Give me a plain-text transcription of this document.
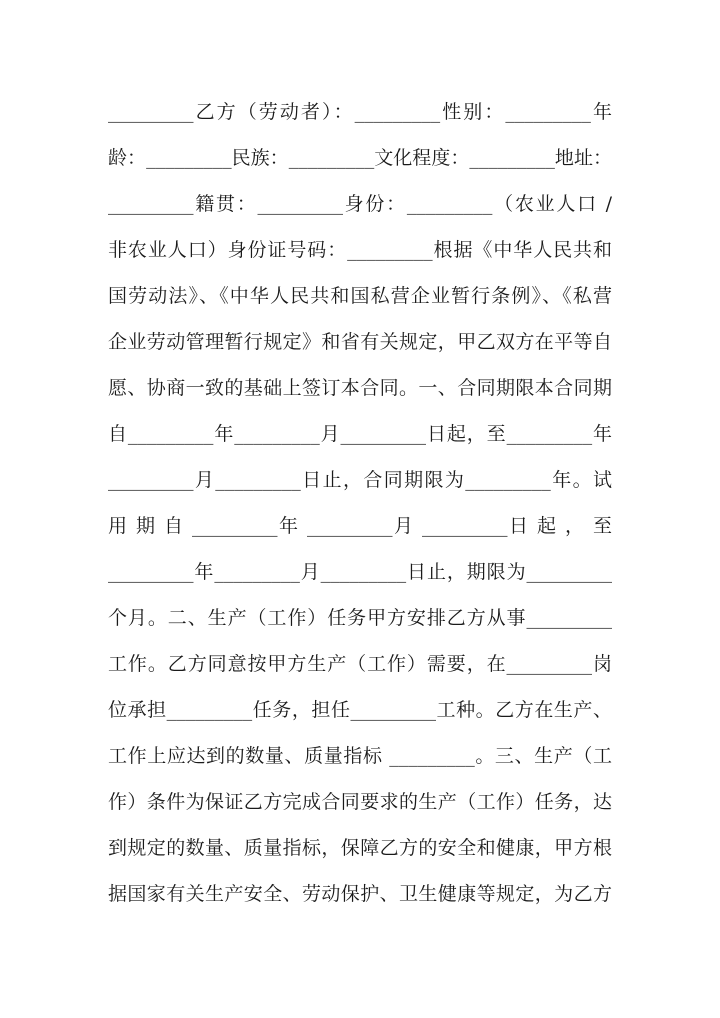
_________乙方（劳动者）：_________性别：_________年
龄：_________民族：_________文化程度：_________地址：
_________籍贯：_________身份：_________（农业人口 /
非农业人口）身份证号码：_________根据《中华人民共和
国劳动法》、《中华人民共和国私营企业暂行条例》、《私营
企业劳动管理暂行规定》和省有关规定，甲乙双方在平等自
愿、协商一致的基础上签订本合同。一、合同期限本合同期
自_________年_________月_________日起，至_________年
_________月_________日止，合同期限为_________年。试
用 期 自 _________年 _________月 _________日 起 ， 至
_________年_________月_________日止，期限为_________
个月。二、生产（工作）任务甲方安排乙方从事_________
工作。乙方同意按甲方生产（工作）需要，在_________岗
位承担_________任务，担任_________工种。乙方在生产、
工作上应达到的数量、质量指标 _________。三、生产（工
作）条件为保证乙方完成合同要求的生产（工作）任务，达
到规定的数量、质量指标，保障乙方的安全和健康，甲方根
据国家有关生产安全、劳动保护、卫生健康等规定，为乙方
